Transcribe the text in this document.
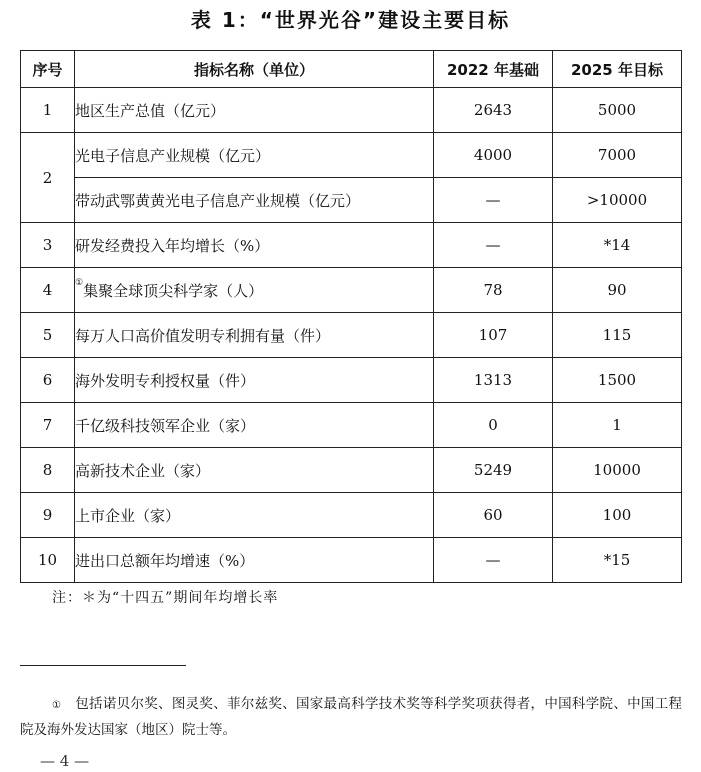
表 1：“世界光谷”建设主要目标
序号	指标名称（单位）	2022 年基础	2025 年目标
1	地区生产总值（亿元）	2643	5000
2	光电子信息产业规模（亿元）	4000	7000
	带动武鄂黄黄光电子信息产业规模（亿元）	—	>10000
3	研发经费投入年均增长（%）	—	*14
4	①集聚全球顶尖科学家（人）	78	90
5	每万人口高价值发明专利拥有量（件）	107	115
6	海外发明专利授权量（件）	1313	1500
7	千亿级科技领军企业（家）	0	1
8	高新技术企业（家）	5249	10000
9	上市企业（家）	60	100
10	进出口总额年均增速（%）	—	*15
注：＊为“十四五”期间年均增长率
① 包括诺贝尔奖、图灵奖、菲尔兹奖、国家最高科学技术奖等科学奖项获得者，中国科学院、中国工程院及海外发达国家（地区）院士等。
— 4 —
